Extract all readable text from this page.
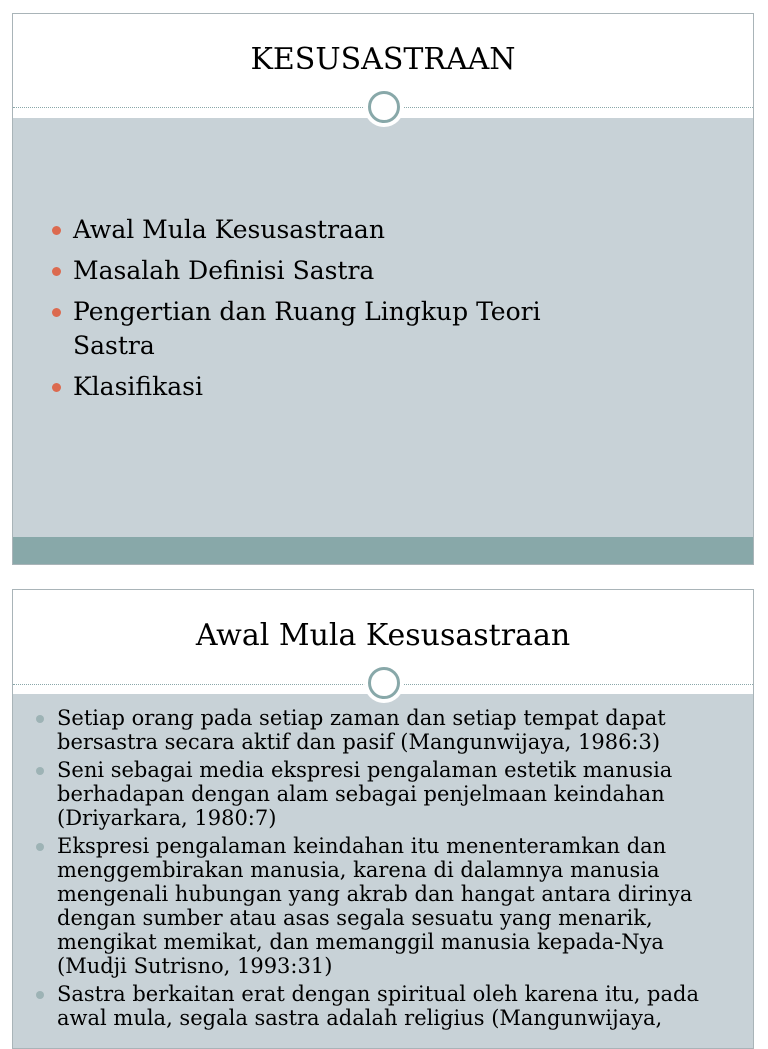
KESUSASTRAAN
Awal Mula Kesusastraan
Masalah Definisi Sastra
Pengertian dan Ruang Lingkup Teori Sastra
Klasifikasi
Awal Mula Kesusastraan
Setiap orang pada setiap zaman dan setiap tempat dapat bersastra secara aktif dan pasif (Mangunwijaya, 1986:3)
Seni sebagai media ekspresi pengalaman estetik manusia berhadapan dengan alam sebagai penjelmaan keindahan (Driyarkara, 1980:7)
Ekspresi pengalaman keindahan itu menenteramkan dan menggembirakan manusia, karena di dalamnya manusia mengenali hubungan yang akrab dan hangat antara dirinya dengan sumber atau asas segala sesuatu yang menarik, mengikat memikat, dan memanggil manusia kepada-Nya (Mudji Sutrisno, 1993:31)
Sastra berkaitan erat dengan spiritual oleh karena itu, pada awal mula, segala sastra adalah religius (Mangunwijaya,
